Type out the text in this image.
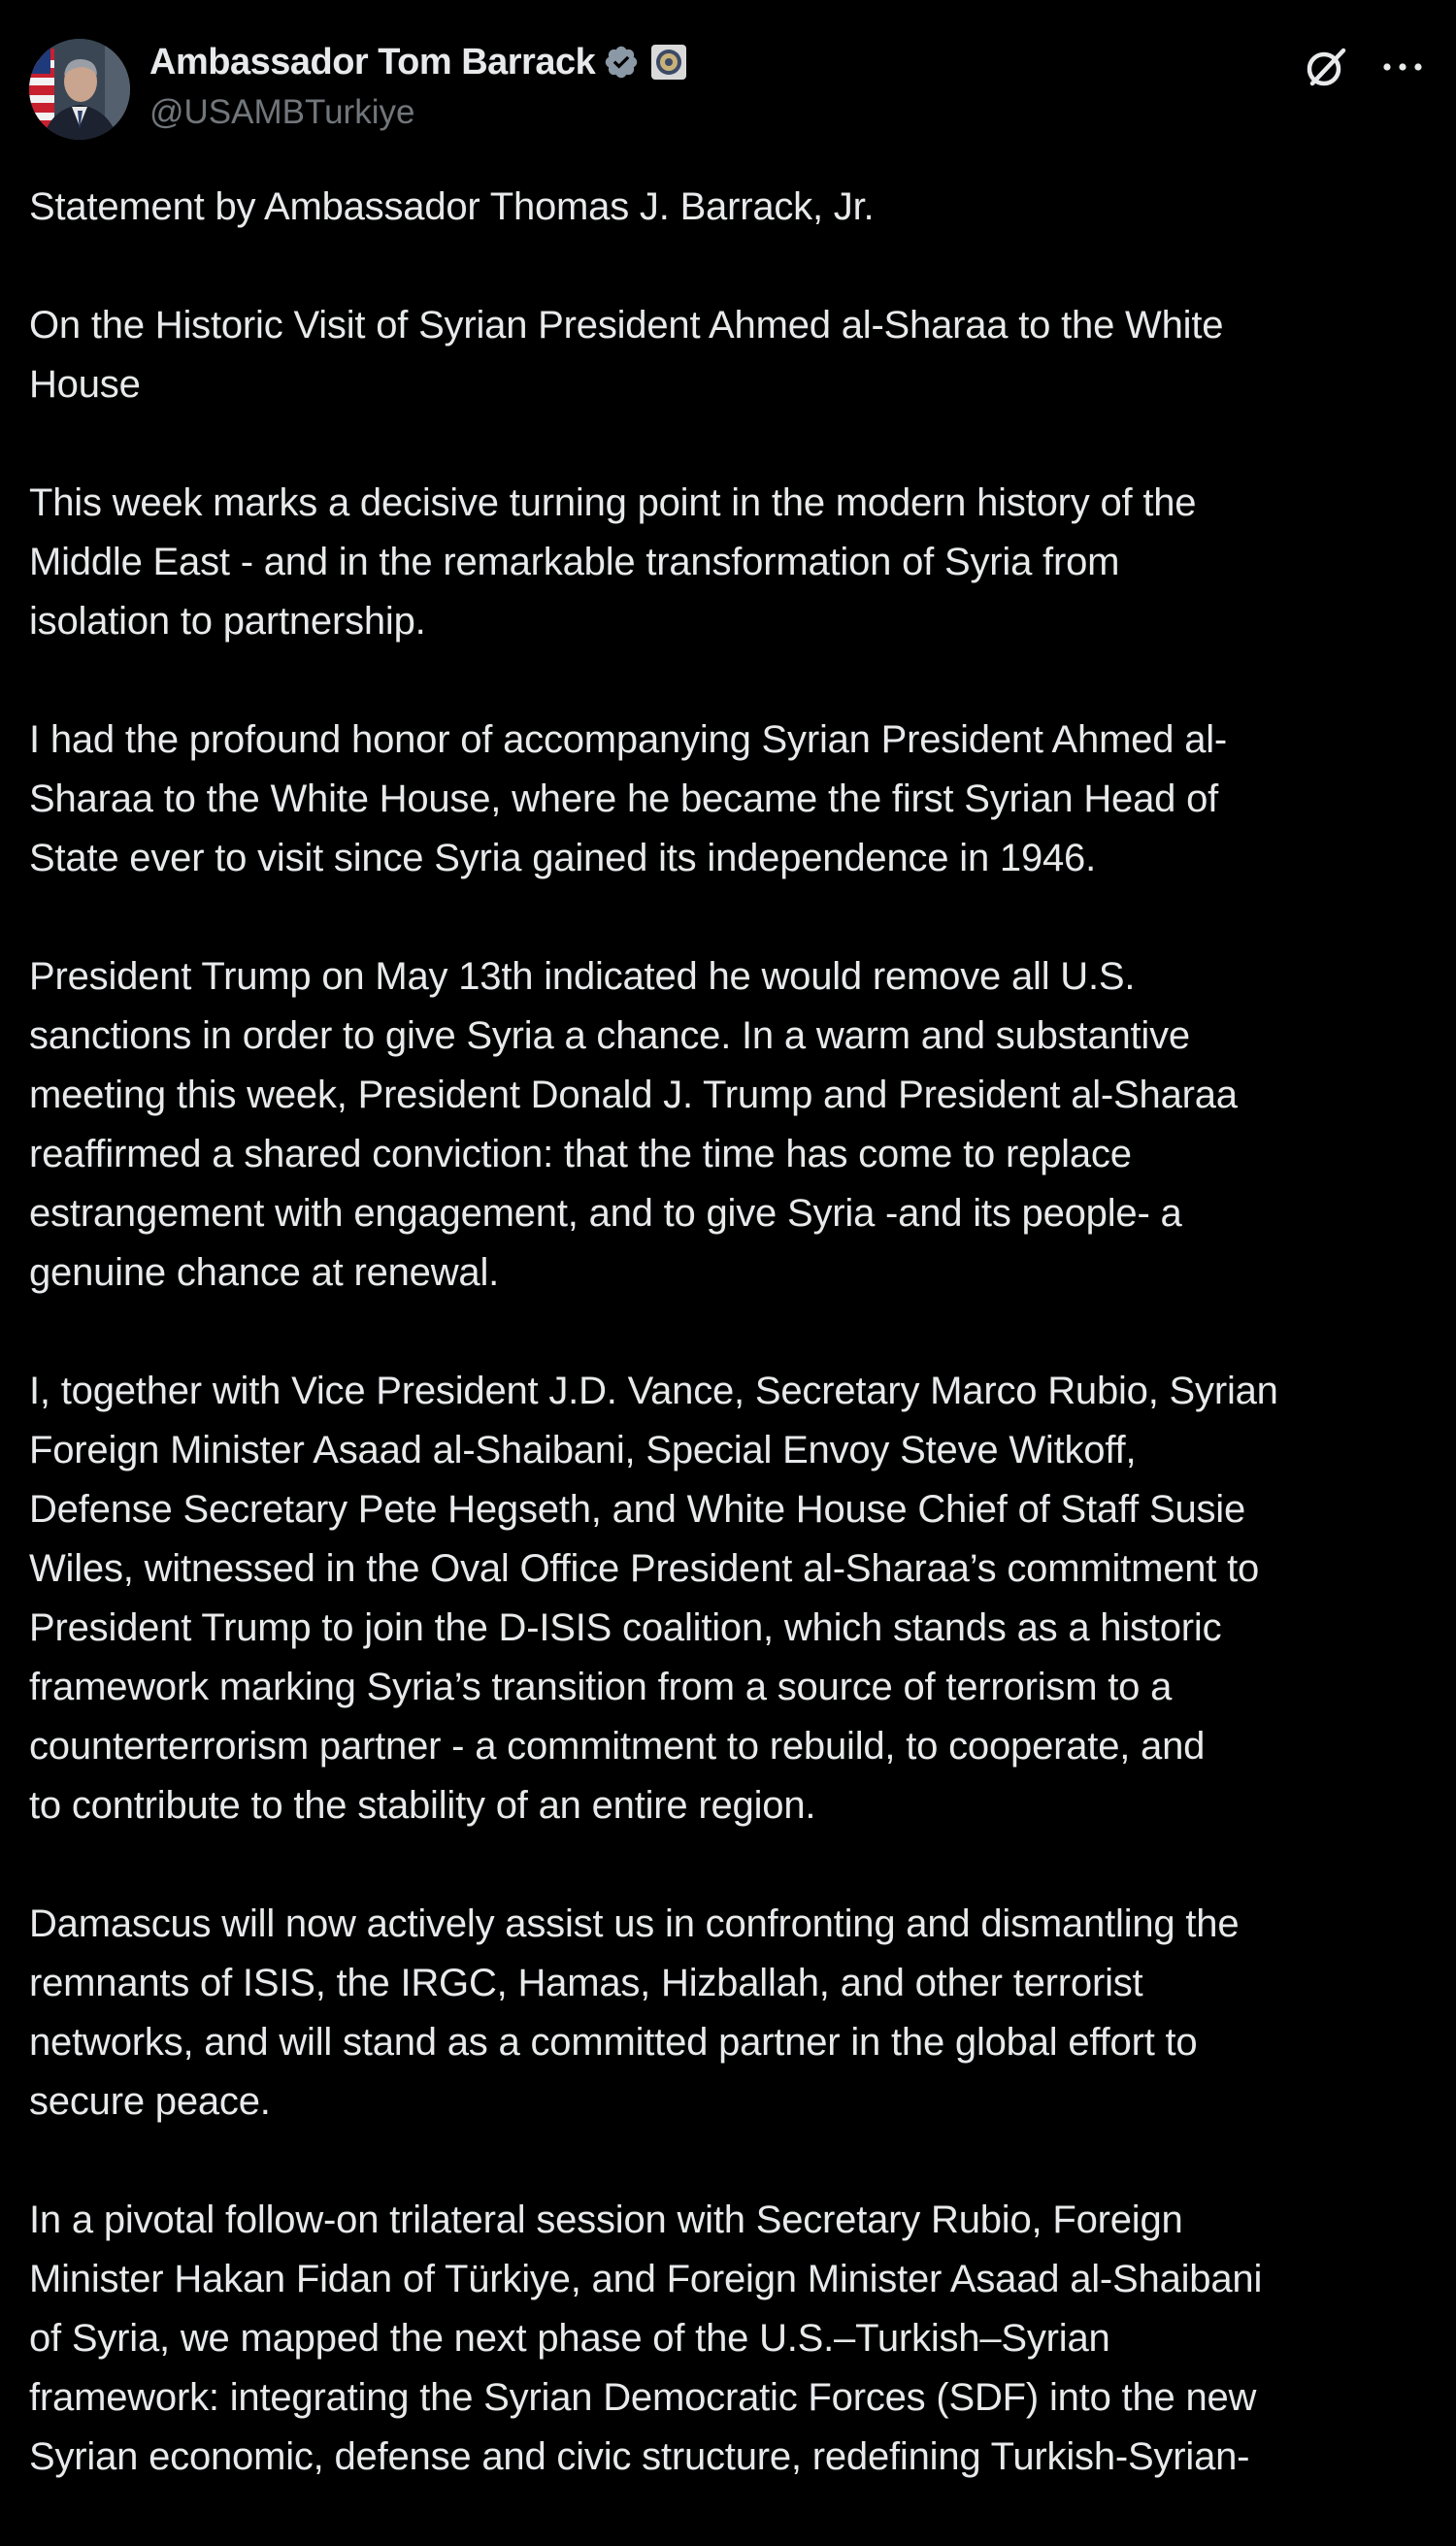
Ambassador Tom Barrack
@USAMBTurkiye

Statement by Ambassador Thomas J. Barrack, Jr.

On the Historic Visit of Syrian President Ahmed al-Sharaa to the White
House

This week marks a decisive turning point in the modern history of the
Middle East - and in the remarkable transformation of Syria from
isolation to partnership.

I had the profound honor of accompanying Syrian President Ahmed al-
Sharaa to the White House, where he became the first Syrian Head of
State ever to visit since Syria gained its independence in 1946.

President Trump on May 13th indicated he would remove all U.S.
sanctions in order to give Syria a chance. In a warm and substantive
meeting this week, President Donald J. Trump and President al-Sharaa
reaffirmed a shared conviction: that the time has come to replace
estrangement with engagement, and to give Syria -and its people- a
genuine chance at renewal.

I, together with Vice President J.D. Vance, Secretary Marco Rubio, Syrian
Foreign Minister Asaad al-Shaibani, Special Envoy Steve Witkoff,
Defense Secretary Pete Hegseth, and White House Chief of Staff Susie
Wiles, witnessed in the Oval Office President al-Sharaa’s commitment to
President Trump to join the D-ISIS coalition, which stands as a historic
framework marking Syria’s transition from a source of terrorism to a
counterterrorism partner - a commitment to rebuild, to cooperate, and
to contribute to the stability of an entire region.

Damascus will now actively assist us in confronting and dismantling the
remnants of ISIS, the IRGC, Hamas, Hizballah, and other terrorist
networks, and will stand as a committed partner in the global effort to
secure peace.

In a pivotal follow-on trilateral session with Secretary Rubio, Foreign
Minister Hakan Fidan of Türkiye, and Foreign Minister Asaad al-Shaibani
of Syria, we mapped the next phase of the U.S.–Turkish–Syrian
framework: integrating the Syrian Democratic Forces (SDF) into the new
Syrian economic, defense and civic structure, redefining Turkish-Syrian-
